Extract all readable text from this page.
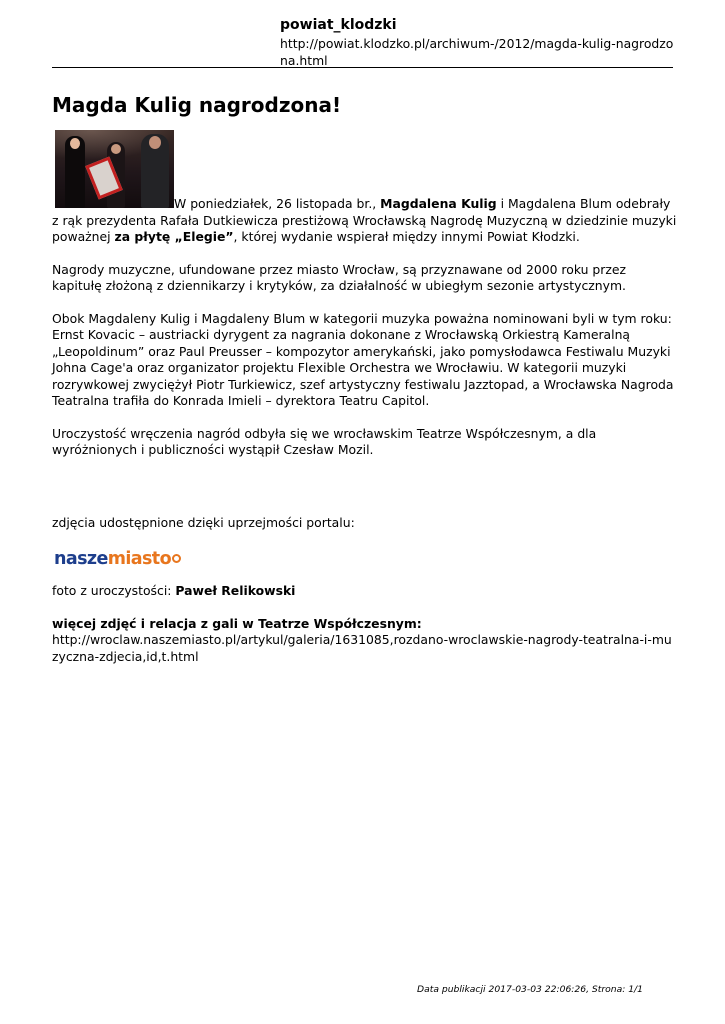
powiat_klodzki
http://powiat.klodzko.pl/archiwum-/2012/magda-kulig-nagrodzo
na.html
Magda Kulig nagrodzona!

W poniedziałek, 26 listopada br., Magdalena Kulig i Magdalena Blum odebrały z rąk prezydenta Rafała Dutkiewicza prestiżową Wrocławską Nagrodę Muzyczną w dziedzinie muzyki poważnej za płytę „Elegie”, której wydanie wspierał między innymi Powiat Kłodzki.

Nagrody muzyczne, ufundowane przez miasto Wrocław, są przyznawane od 2000 roku przez kapitułę złożoną z dziennikarzy i krytyków, za działalność w ubiegłym sezonie artystycznym.

Obok Magdaleny Kulig i Magdaleny Blum w kategorii muzyka poważna nominowani byli w tym roku: Ernst Kovacic – austriacki dyrygent za nagrania dokonane z Wrocławską Orkiestrą Kameralną „Leopoldinum” oraz Paul Preusser – kompozytor amerykański, jako pomysłodawca Festiwalu Muzyki Johna Cage'a oraz organizator projektu Flexible Orchestra we Wrocławiu. W kategorii muzyki rozrywkowej zwyciężył Piotr Turkiewicz, szef artystyczny festiwalu Jazztopad, a Wrocławska Nagroda Teatralna trafiła do Konrada Imieli – dyrektora Teatru Capitol.

Uroczystość wręczenia nagród odbyła się we wrocławskim Teatrze Współczesnym, a dla wyróżnionych i publiczności wystąpił Czesław Mozil.

zdjęcia udostępnione dzięki uprzejmości portalu:

naszemiasto

foto z uroczystości: Paweł Relikowski

więcej zdjęć i relacja z gali w Teatrze Współczesnym:
http://wroclaw.naszemiasto.pl/artykul/galeria/1631085,rozdano-wroclawskie-nagrody-teatralna-i-muzyczna-zdjecia,id,t.html
Data publikacji 2017-03-03 22:06:26, Strona: 1/1
